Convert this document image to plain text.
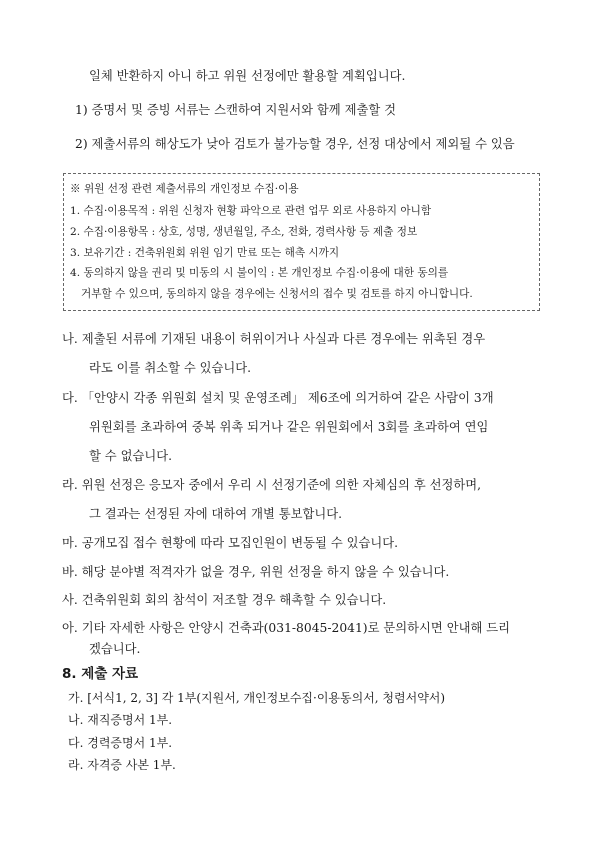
일체 반환하지 아니 하고 위원 선정에만 활용할 계획입니다.
1) 증명서 및 증빙 서류는 스캔하여 지원서와 함께 제출할 것
2) 제출서류의 해상도가 낮아 검토가 불가능할 경우, 선정 대상에서 제외될 수 있음
※ 위원 선정 관련 제출서류의 개인정보 수집·이용
1. 수집·이용목적 : 위원 신청자 현황 파악으로 관련 업무 외로 사용하지 아니함
2. 수집·이용항목 : 상호, 성명, 생년월일, 주소, 전화, 경력사항 등 제출 정보
3. 보유기간 : 건축위원회 위원 임기 만료 또는 해촉 시까지
4. 동의하지 않을 권리 및 미동의 시 불이익 : 본 개인정보 수집·이용에 대한 동의를
거부할 수 있으며, 동의하지 않을 경우에는 신청서의 접수 및 검토를 하지 아니합니다.
나. 제출된 서류에 기재된 내용이 허위이거나 사실과 다른 경우에는 위촉된 경우
라도 이를 취소할 수 있습니다.
다. 「안양시 각종 위원회 설치 및 운영조례」 제6조에 의거하여 같은 사람이 3개
위원회를 초과하여 중복 위촉 되거나 같은 위원회에서 3회를 초과하여 연임
할 수 없습니다.
라. 위원 선정은 응모자 중에서 우리 시 선정기준에 의한 자체심의 후 선정하며,
그 결과는 선정된 자에 대하여 개별 통보합니다.
마. 공개모집 접수 현황에 따라 모집인원이 변동될 수 있습니다.
바. 해당 분야별 적격자가 없을 경우, 위원 선정을 하지 않을 수 있습니다.
사. 건축위원회 회의 참석이 저조할 경우 해촉할 수 있습니다.
아. 기타 자세한 사항은 안양시 건축과(031-8045-2041)로 문의하시면 안내해 드리
겠습니다.
8. 제출 자료
가. [서식1, 2, 3] 각 1부(지원서, 개인정보수집·이용동의서, 청렴서약서)
나. 재직증명서 1부.
다. 경력증명서 1부.
라. 자격증 사본 1부.
